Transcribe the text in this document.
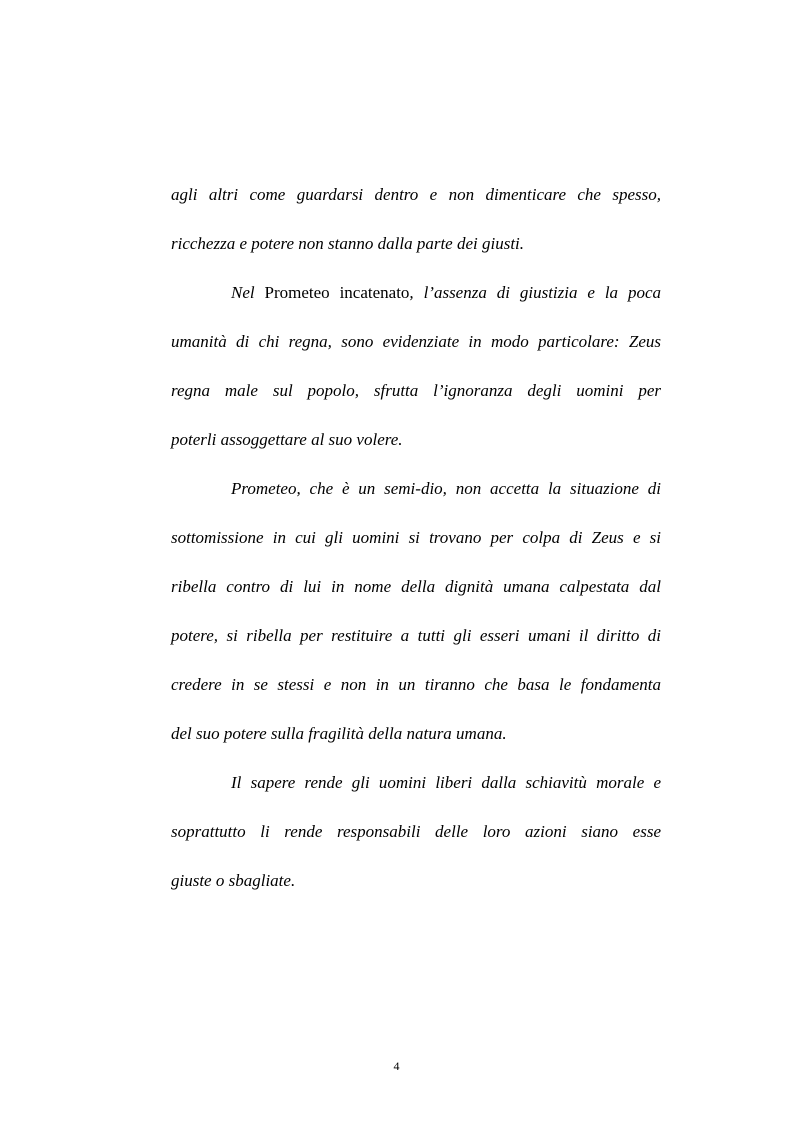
agli altri come guardarsi dentro e non dimenticare che spesso,
ricchezza e potere non stanno dalla parte dei giusti.
Nel Prometeo incatenato, l’assenza di giustizia e la poca
umanità di chi regna, sono evidenziate in modo particolare: Zeus
regna male sul popolo, sfrutta l’ignoranza degli uomini per
poterli assoggettare al suo volere.
Prometeo, che è un semi-dio, non accetta la situazione di
sottomissione in cui gli uomini si trovano per colpa di Zeus e si
ribella contro di lui in nome della dignità umana calpestata dal
potere, si ribella per restituire a tutti gli esseri umani il diritto di
credere in se stessi e non in un tiranno che basa le fondamenta
del suo potere sulla fragilità della natura umana.
Il sapere rende gli uomini liberi dalla schiavitù morale e
soprattutto li rende responsabili delle loro azioni siano esse
giuste o sbagliate.
4
